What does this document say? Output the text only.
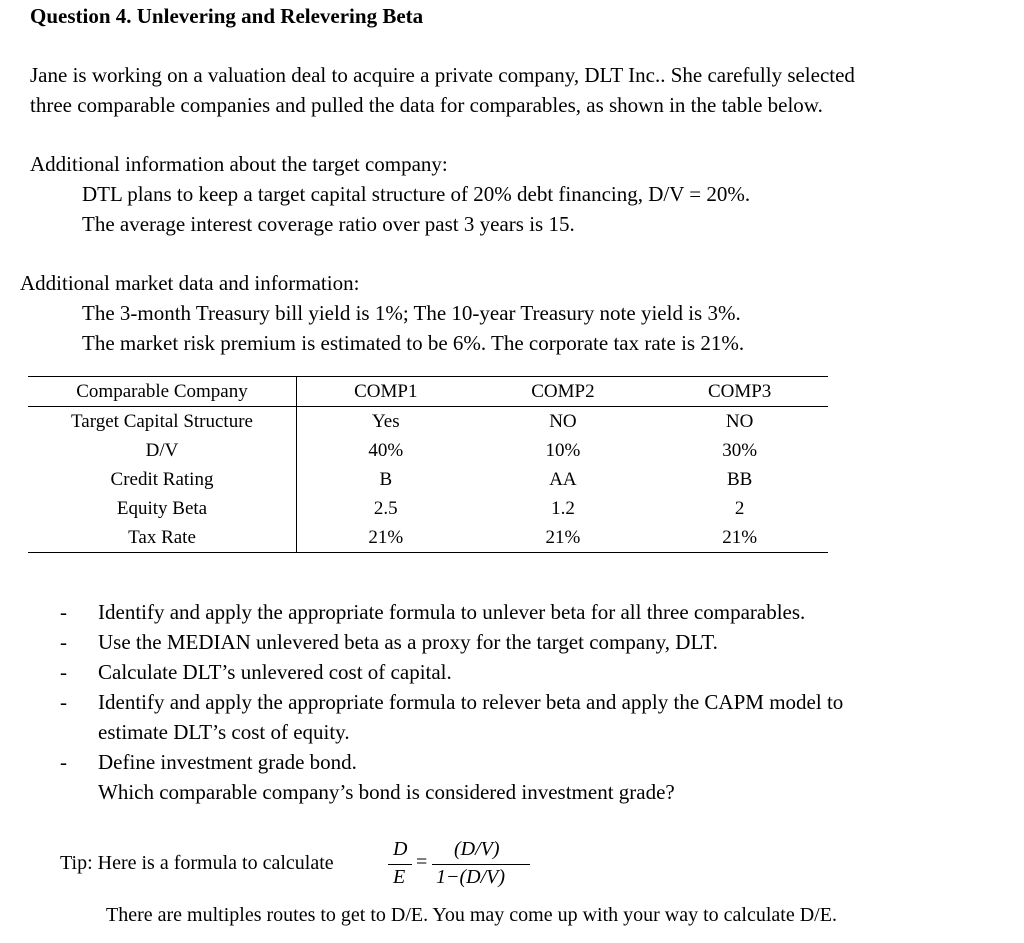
Question 4. Unlevering and Relevering Beta
Jane is working on a valuation deal to acquire a private company, DLT Inc.. She carefully selected
three comparable companies and pulled the data for comparables, as shown in the table below.
Additional information about the target company:
DTL plans to keep a target capital structure of 20% debt financing, D/V = 20%.
The average interest coverage ratio over past 3 years is 15.
Additional market data and information:
The 3-month Treasury bill yield is 1%; The 10-year Treasury note yield is 3%.
The market risk premium is estimated to be 6%. The corporate tax rate is 21%.
Comparable Company	COMP1	COMP2	COMP3
Target Capital Structure	Yes	NO	NO
D/V	40%	10%	30%
Credit Rating	B	AA	BB
Equity Beta	2.5	1.2	2
Tax Rate	21%	21%	21%
-	Identify and apply the appropriate formula to unlever beta for all three comparables.
-	Use the MEDIAN unlevered beta as a proxy for the target company, DLT.
-	Calculate DLT’s unlevered cost of capital.
-	Identify and apply the appropriate formula to relever beta and apply the CAPM model to
estimate DLT’s cost of equity.
-	Define investment grade bond.
Which comparable company’s bond is considered investment grade?
Tip: Here is a formula to calculate
D
E
=
(D/V)
1−(D/V)
There are multiples routes to get to D/E. You may come up with your way to calculate D/E.
